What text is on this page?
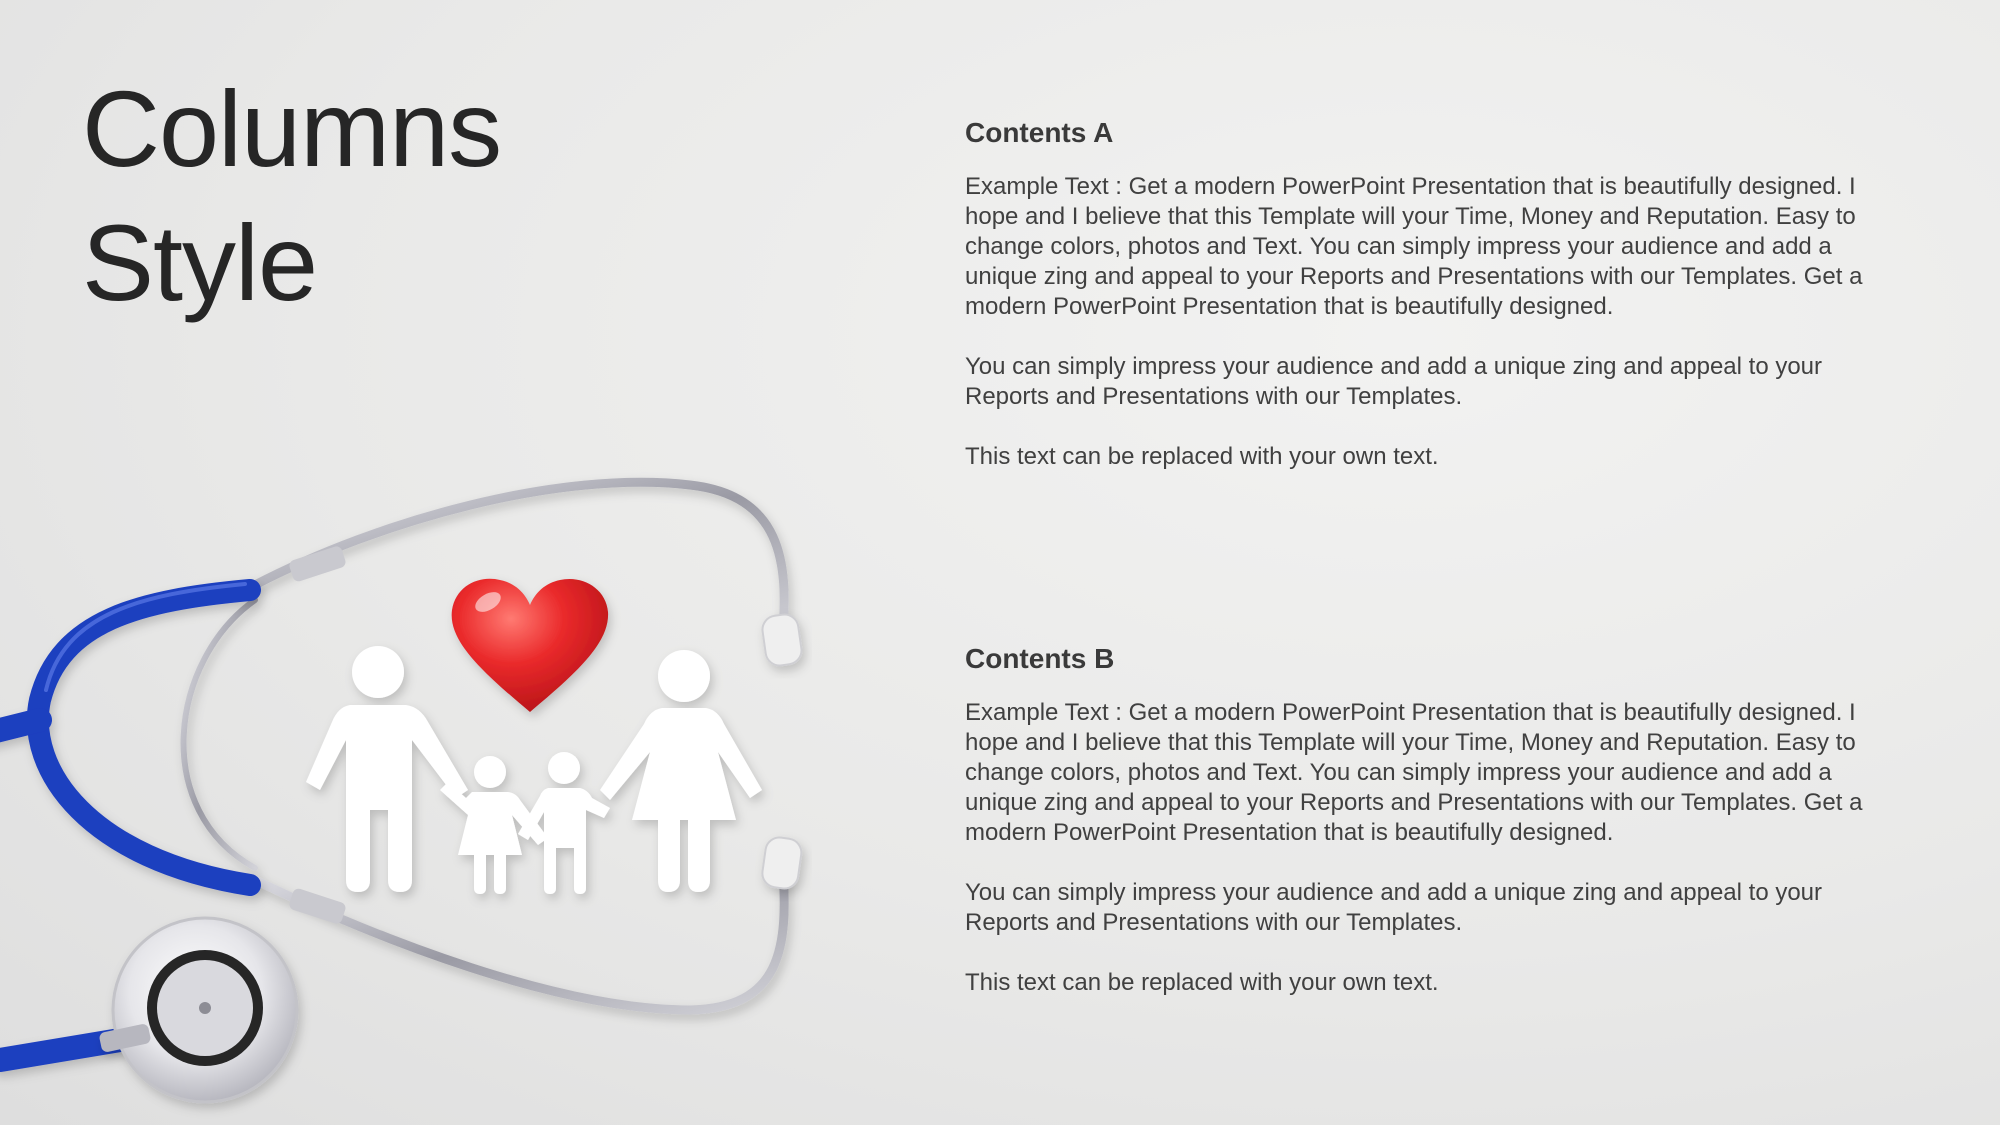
Columns
Style
Contents A

Example Text : Get a modern PowerPoint Presentation that is beautifully designed. I hope and I believe that this Template will your Time, Money and Reputation. Easy to change colors, photos and Text. You can simply impress your audience and add a unique zing and appeal to your Reports and Presentations with our Templates. Get a modern PowerPoint Presentation that is beautifully designed.

You can simply impress your audience and add a unique zing and appeal to your Reports and Presentations with our Templates.

This text can be replaced with your own text.

Contents B

Example Text : Get a modern PowerPoint Presentation that is beautifully designed. I hope and I believe that this Template will your Time, Money and Reputation. Easy to change colors, photos and Text. You can simply impress your audience and add a unique zing and appeal to your Reports and Presentations with our Templates. Get a modern PowerPoint Presentation that is beautifully designed.

You can simply impress your audience and add a unique zing and appeal to your Reports and Presentations with our Templates.

This text can be replaced with your own text.
